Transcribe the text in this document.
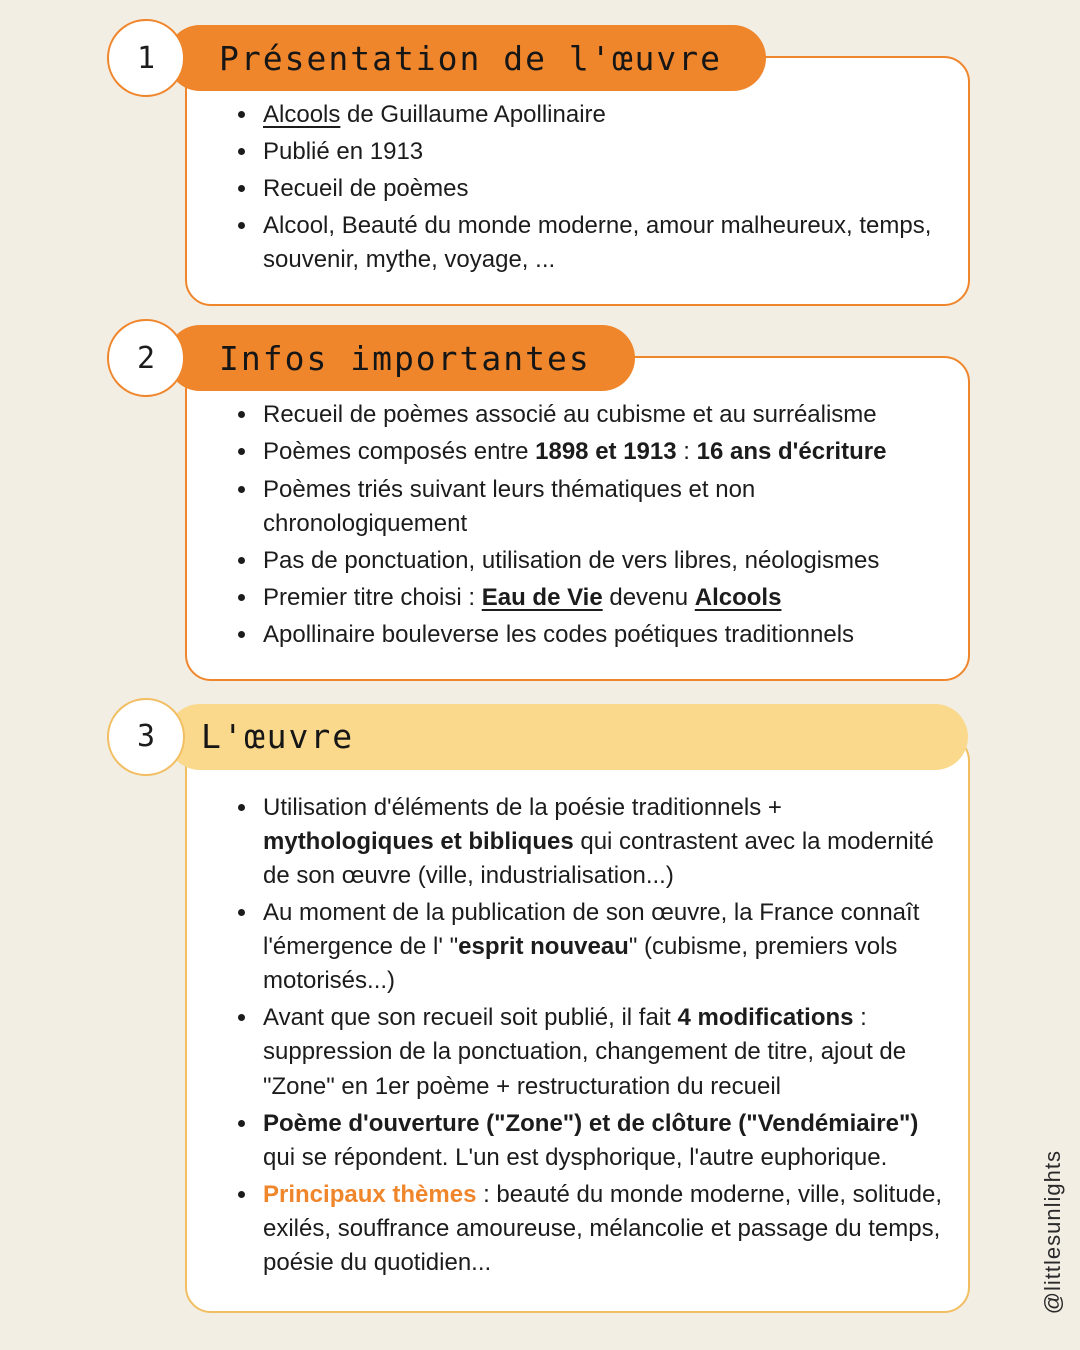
1 Présentation de l'œuvre
• Alcools de Guillaume Apollinaire
• Publié en 1913
• Recueil de poèmes
• Alcool, Beauté du monde moderne, amour malheureux, temps, souvenir, mythe, voyage, ...
2 Infos importantes
• Recueil de poèmes associé au cubisme et au surréalisme
• Poèmes composés entre 1898 et 1913 : 16 ans d'écriture
• Poèmes triés suivant leurs thématiques et non chronologiquement
• Pas de ponctuation, utilisation de vers libres, néologismes
• Premier titre choisi : Eau de Vie devenu Alcools
• Apollinaire bouleverse les codes poétiques traditionnels
3 L'œuvre
• Utilisation d'éléments de la poésie traditionnels + mythologiques et bibliques qui contrastent avec la modernité de son œuvre (ville, industrialisation...)
• Au moment de la publication de son œuvre, la France connaît l'émergence de l' "esprit nouveau" (cubisme, premiers vols motorisés...)
• Avant que son recueil soit publié, il fait 4 modifications : suppression de la ponctuation, changement de titre, ajout de "Zone" en 1er poème + restructuration du recueil
• Poème d'ouverture ("Zone") et de clôture ("Vendémiaire") qui se répondent. L'un est dysphorique, l'autre euphorique.
• Principaux thèmes : beauté du monde moderne, ville, solitude, exilés, souffrance amoureuse, mélancolie et passage du temps, poésie du quotidien...	@littlesunlights
